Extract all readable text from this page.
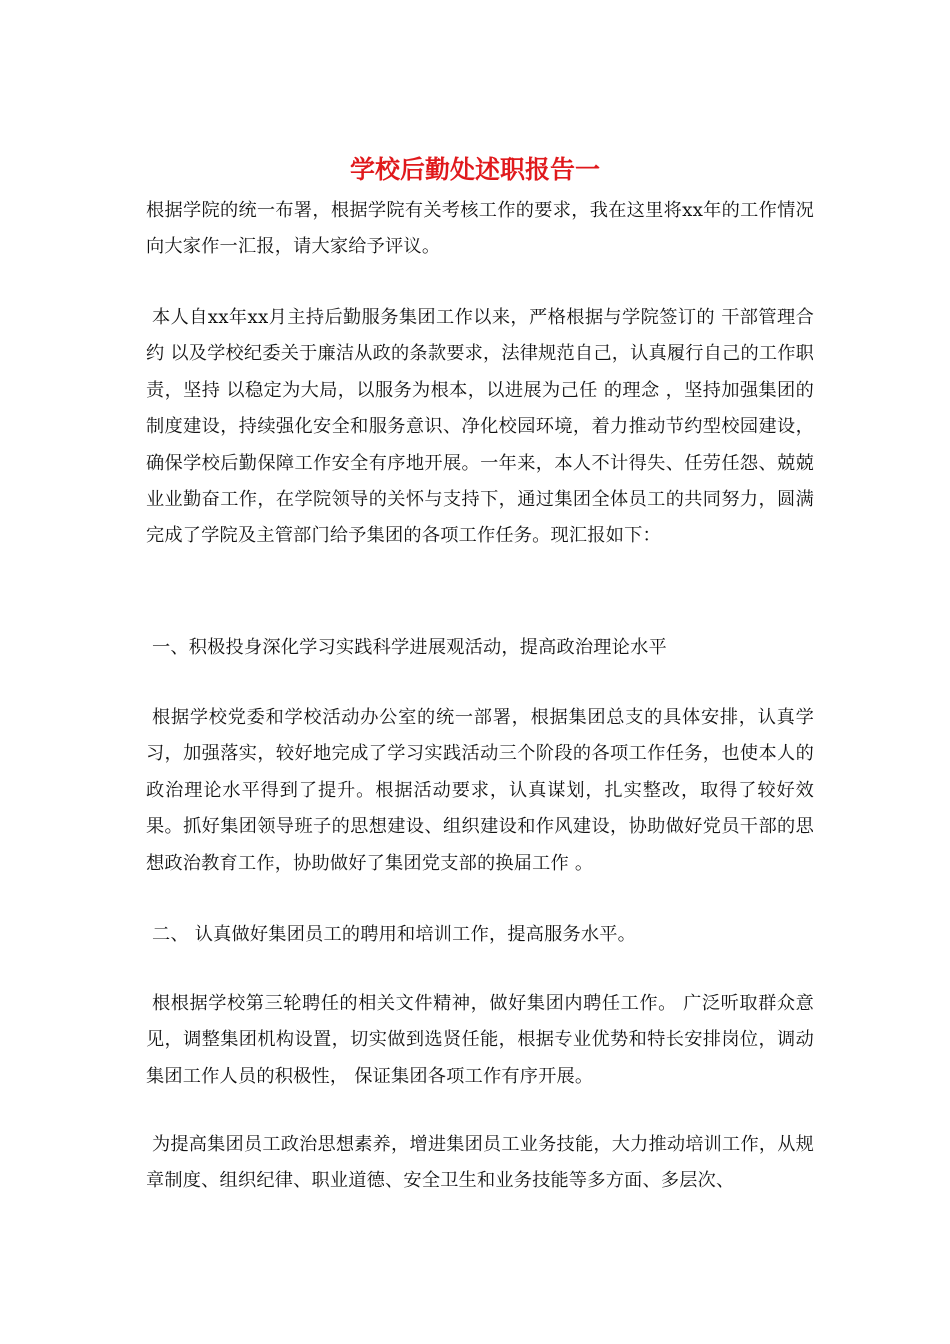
学校后勤处述职报告一

根据学院的统一布署，根据学院有关考核工作的要求，我在这里将xx年的工作情况向大家作一汇报，请大家给予评议。

本人自xx年xx月主持后勤服务集团工作以来，严格根据与学院签订的 干部管理合约 以及学校纪委关于廉洁从政的条款要求，法律规范自己，认真履行自己的工作职责，坚持 以稳定为大局，以服务为根本，以进展为己任 的理念 ，坚持加强集团的制度建设，持续强化安全和服务意识、净化校园环境，着力推动节约型校园建设，确保学校后勤保障工作安全有序地开展。一年来，本人不计得失、任劳任怨、兢兢业业勤奋工作，在学院领导的关怀与支持下，通过集团全体员工的共同努力，圆满完成了学院及主管部门给予集团的各项工作任务。现汇报如下：

一、积极投身深化学习实践科学进展观活动，提高政治理论水平

根据学校党委和学校活动办公室的统一部署，根据集团总支的具体安排，认真学习，加强落实，较好地完成了学习实践活动三个阶段的各项工作任务，也使本人的政治理论水平得到了提升。根据活动要求，认真谋划，扎实整改，取得了较好效果。抓好集团领导班子的思想建设、组织建设和作风建设，协助做好党员干部的思想政治教育工作，协助做好了集团党支部的换届工作 。

二、 认真做好集团员工的聘用和培训工作，提高服务水平。

根根据学校第三轮聘任的相关文件精神，做好集团内聘任工作。 广泛听取群众意见，调整集团机构设置，切实做到选贤任能，根据专业优势和特长安排岗位，调动集团工作人员的积极性， 保证集团各项工作有序开展。

为提高集团员工政治思想素养，增进集团员工业务技能，大力推动培训工作，从规章制度、组织纪律、职业道德、安全卫生和业务技能等多方面、多层次、
